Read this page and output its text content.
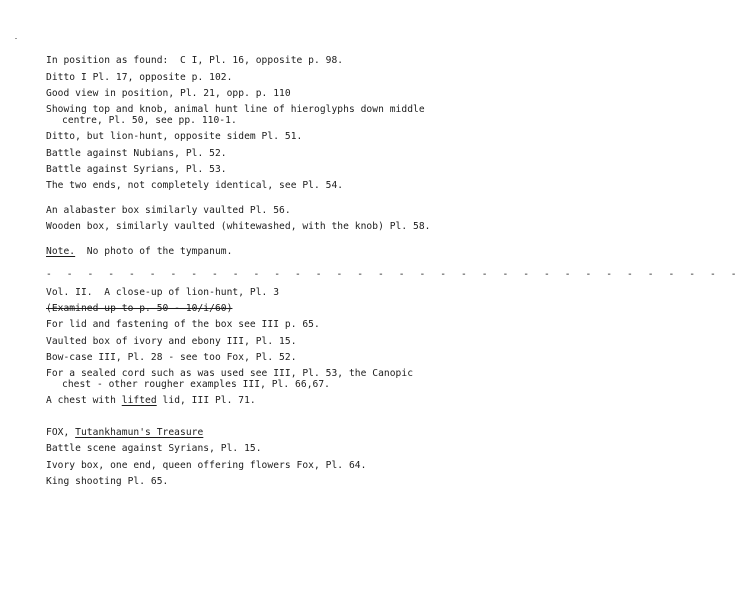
In position as found:  C I, Pl. 16, opposite p. 98.
Ditto I Pl. 17, opposite p. 102.
Good view in position, Pl. 21, opp. p. 110
Showing top and knob, animal hunt line of hieroglyphs down middle
centre, Pl. 50, see pp. 110-1.
Ditto, but lion-hunt, opposite sidem Pl. 51.
Battle against Nubians, Pl. 52.
Battle against Syrians, Pl. 53.
The two ends, not completely identical, see Pl. 54.
An alabaster box similarly vaulted Pl. 56.
Wooden box, similarly vaulted (whitewashed, with the knob) Pl. 58.
Note.  No photo of the tympanum.
- - - - - - - - - - - - - - - - - - - - - - - - - - - - - - - - - -
Vol. II.  A close-up of lion-hunt, Pl. 3
(Examined up to p. 50 - 10/i/60)
For lid and fastening of the box see III p. 65.
Vaulted box of ivory and ebony III, Pl. 15.
Bow-case III, Pl. 28 - see too Fox, Pl. 52.
For a sealed cord such as was used see III, Pl. 53, the Canopic
chest - other rougher examples III, Pl. 66,67.
A chest with lifted lid, III Pl. 71.
FOX, Tutankhamun's Treasure
Battle scene against Syrians, Pl. 15.
Ivory box, one end, queen offering flowers Fox, Pl. 64.
King shooting Pl. 65.
